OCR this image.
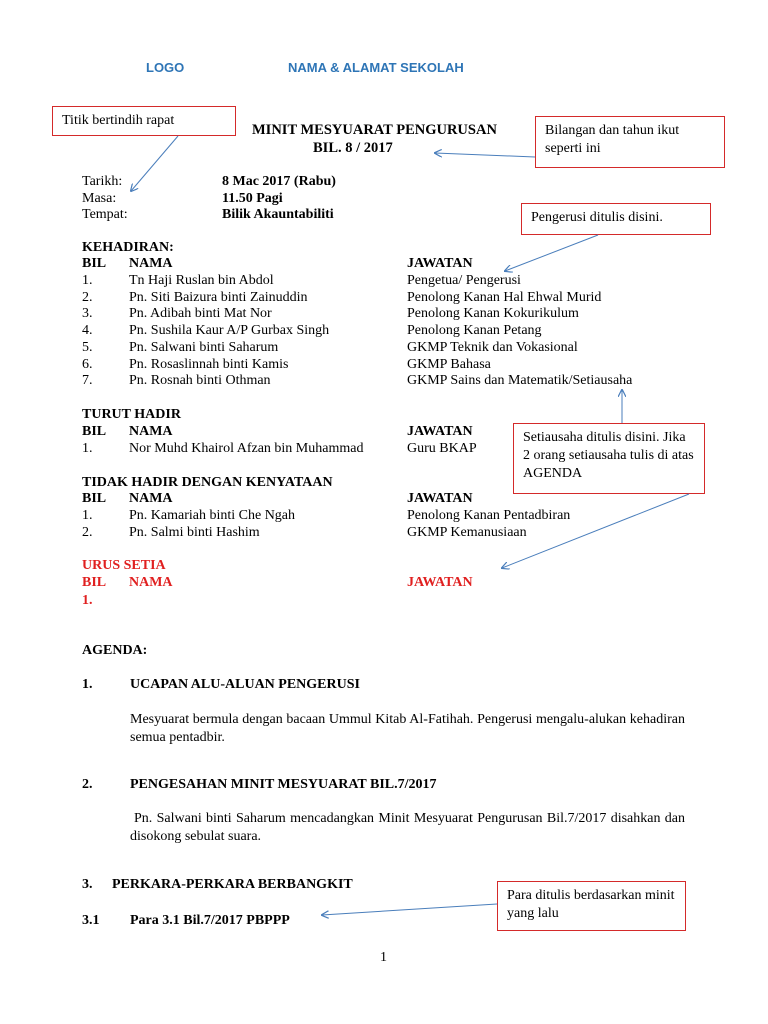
LOGO	NAMA & ALAMAT SEKOLAH
Titik bertindih rapat
Bilangan dan tahun ikut seperti ini
Pengerusi ditulis disini.
Setiausaha ditulis disini. Jika 2 orang setiausaha tulis di atas AGENDA
Para ditulis berdasarkan minit yang lalu
MINIT MESYUARAT PENGURUSAN
BIL. 8 / 2017
Tarikh:	8 Mac 2017 (Rabu)
Masa:	11.50 Pagi
Tempat:	Bilik Akauntabiliti
KEHADIRAN:
BIL NAMA	JAWATAN
1.	Tn Haji Ruslan bin Abdol	Pengetua/ Pengerusi
2.	Pn. Siti Baizura binti Zainuddin	Penolong Kanan Hal Ehwal Murid
3.	Pn. Adibah binti Mat Nor	Penolong Kanan Kokurikulum
4.	Pn. Sushila Kaur A/P Gurbax Singh	Penolong Kanan Petang
5.	Pn. Salwani binti Saharum	GKMP Teknik dan Vokasional
6.	Pn. Rosaslinnah binti Kamis	GKMP Bahasa
7.	Pn. Rosnah binti Othman	GKMP Sains dan Matematik/Setiausaha
TURUT HADIR
BIL NAMA	JAWATAN
1.	Nor Muhd Khairol Afzan bin Muhammad	Guru BKAP
TIDAK HADIR DENGAN KENYATAAN
BIL NAMA	JAWATAN
1.	Pn. Kamariah binti Che Ngah	Penolong Kanan Pentadbiran
2.	Pn. Salmi binti Hashim	GKMP Kemanusiaan
URUS SETIA
BIL NAMA	JAWATAN
1.
AGENDA:
1.	UCAPAN ALU-ALUAN PENGERUSI
Mesyuarat bermula dengan bacaan Ummul Kitab Al-Fatihah. Pengerusi mengalu-alukan kehadiran semua pentadbir.
2.	PENGESAHAN MINIT MESYUARAT BIL.7/2017
Pn. Salwani binti Saharum mencadangkan Minit Mesyuarat Pengurusan Bil.7/2017 disahkan dan disokong sebulat suara.
3. PERKARA-PERKARA BERBANGKIT
3.1 Para 3.1 Bil.7/2017 PBPPP
1
